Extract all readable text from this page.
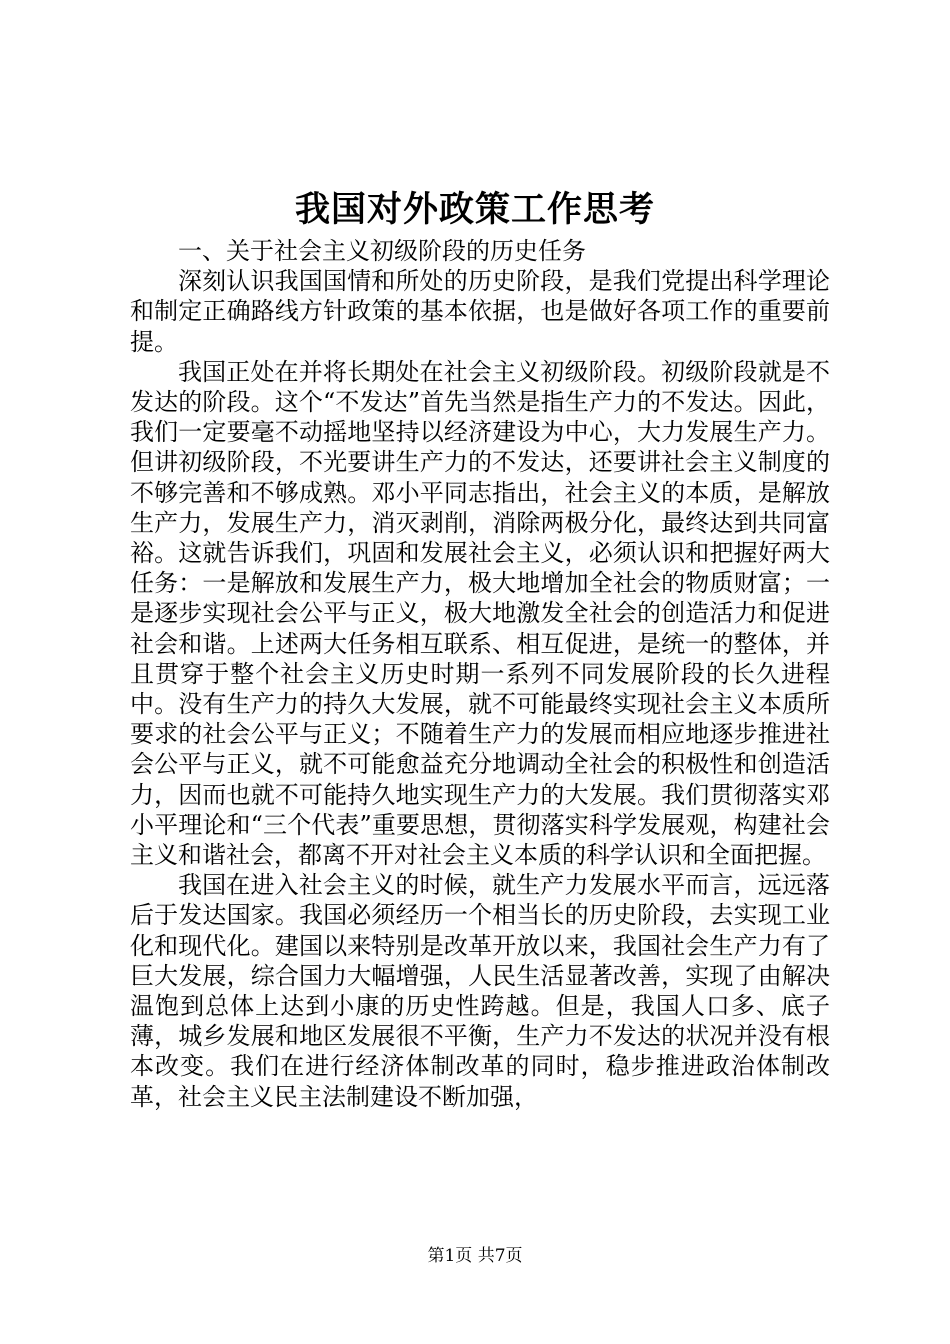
我国对外政策工作思考

一、关于社会主义初级阶段的历史任务

深刻认识我国国情和所处的历史阶段，是我们党提出科学理论和制定正确路线方针政策的基本依据，也是做好各项工作的重要前提。

我国正处在并将长期处在社会主义初级阶段。初级阶段就是不发达的阶段。这个“不发达”首先当然是指生产力的不发达。因此，我们一定要毫不动摇地坚持以经济建设为中心，大力发展生产力。但讲初级阶段，不光要讲生产力的不发达，还要讲社会主义制度的不够完善和不够成熟。邓小平同志指出，社会主义的本质，是解放生产力，发展生产力，消灭剥削，消除两极分化，最终达到共同富裕。这就告诉我们，巩固和发展社会主义，必须认识和把握好两大任务：一是解放和发展生产力，极大地增加全社会的物质财富；一是逐步实现社会公平与正义，极大地激发全社会的创造活力和促进社会和谐。上述两大任务相互联系、相互促进，是统一的整体，并且贯穿于整个社会主义历史时期一系列不同发展阶段的长久进程中。没有生产力的持久大发展，就不可能最终实现社会主义本质所要求的社会公平与正义；不随着生产力的发展而相应地逐步推进社会公平与正义，就不可能愈益充分地调动全社会的积极性和创造活力，因而也就不可能持久地实现生产力的大发展。我们贯彻落实邓小平理论和“三个代表”重要思想，贯彻落实科学发展观，构建社会主义和谐社会，都离不开对社会主义本质的科学认识和全面把握。

我国在进入社会主义的时候，就生产力发展水平而言，远远落后于发达国家。我国必须经历一个相当长的历史阶段，去实现工业化和现代化。建国以来特别是改革开放以来，我国社会生产力有了巨大发展，综合国力大幅增强，人民生活显著改善，实现了由解决温饱到总体上达到小康的历史性跨越。但是，我国人口多、底子薄，城乡发展和地区发展很不平衡，生产力不发达的状况并没有根本改变。我们在进行经济体制改革的同时，稳步推进政治体制改革，社会主义民主法制建设不断加强，

第1页 共7页
